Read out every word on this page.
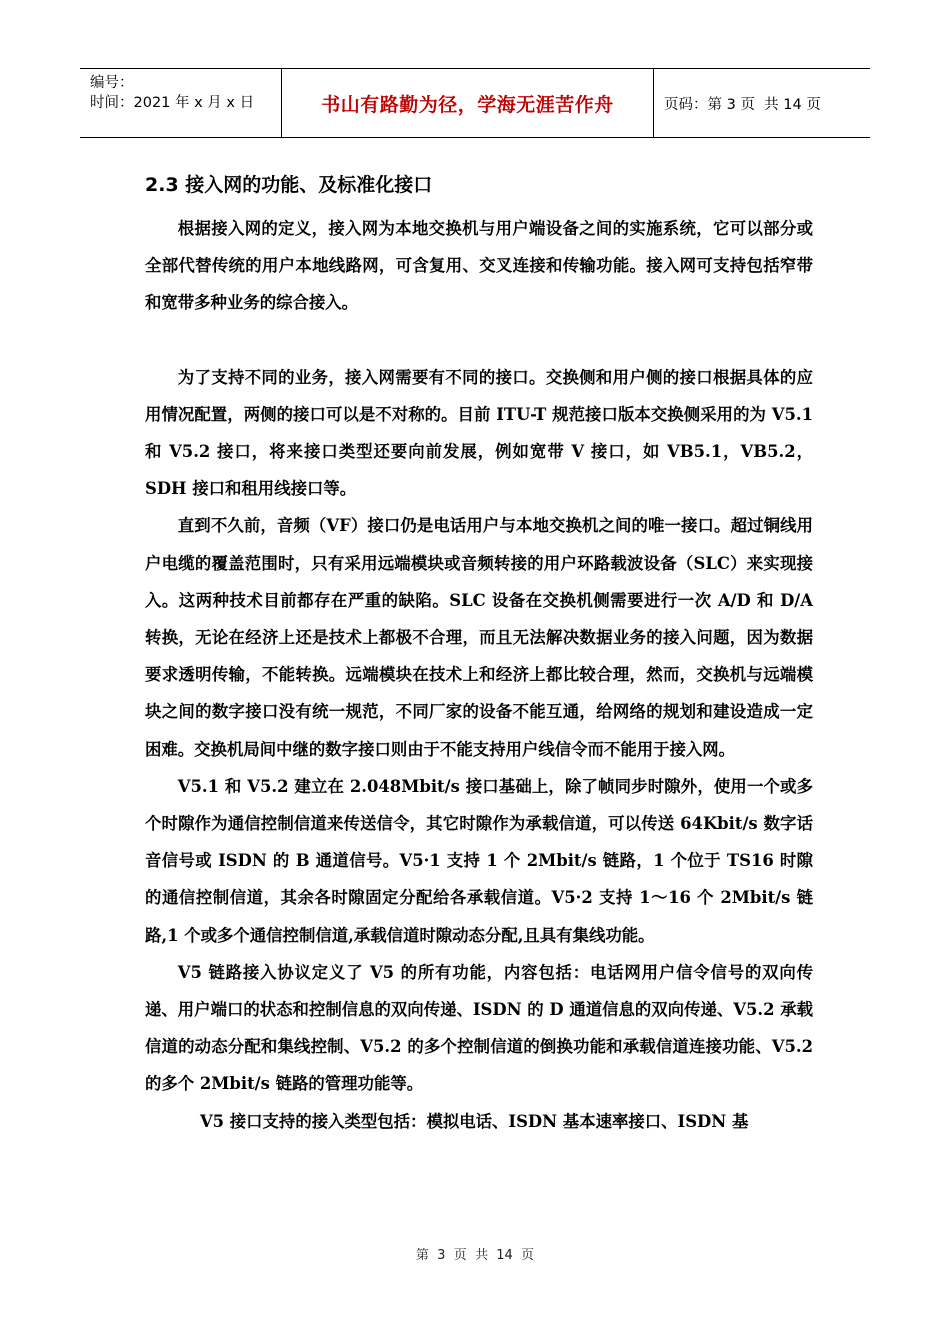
编号：
时间：2021 年 x 月 x 日	书山有路勤为径，学海无涯苦作舟	页码：第 3 页  共 14 页
2.3 接入网的功能、及标准化接口

根据接入网的定义，接入网为本地交换机与用户端设备之间的实施系统，它可以部分或全部代替传统的用户本地线路网，可含复用、交叉连接和传输功能。接入网可支持包括窄带和宽带多种业务的综合接入。

为了支持不同的业务，接入网需要有不同的接口。交换侧和用户侧的接口根据具体的应用情况配置，两侧的接口可以是不对称的。目前 ITU-T 规范接口版本交换侧采用的为 V5.1 和 V5.2 接口，将来接口类型还要向前发展，例如宽带 V 接口，如 VB5.1，VB5.2，SDH 接口和租用线接口等。

直到不久前，音频（VF）接口仍是电话用户与本地交换机之间的唯一接口。超过铜线用户电缆的覆盖范围时，只有采用远端模块或音频转接的用户环路载波设备（SLC）来实现接入。这两种技术目前都存在严重的缺陷。SLC 设备在交换机侧需要进行一次 A/D 和 D/A 转换，无论在经济上还是技术上都极不合理，而且无法解决数据业务的接入问题，因为数据要求透明传输，不能转换。远端模块在技术上和经济上都比较合理，然而，交换机与远端模块之间的数字接口没有统一规范，不同厂家的设备不能互通，给网络的规划和建设造成一定困难。交换机局间中继的数字接口则由于不能支持用户线信令而不能用于接入网。

V5.1 和 V5.2 建立在 2.048Mbit/s 接口基础上，除了帧同步时隙外，使用一个或多个时隙作为通信控制信道来传送信令，其它时隙作为承载信道，可以传送 64Kbit/s 数字话音信号或 ISDN 的 B 通道信号。V5·1 支持 1 个 2Mbit/s 链路，1 个位于 TS16 时隙的通信控制信道，其余各时隙固定分配给各承载信道。V5·2 支持 1～16 个 2Mbit/s 链路,1 个或多个通信控制信道,承载信道时隙动态分配,且具有集线功能。

V5 链路接入协议定义了 V5 的所有功能，内容包括：电话网用户信令信号的双向传递、用户端口的状态和控制信息的双向传递、ISDN 的 D 通道信息的双向传递、V5.2 承载信道的动态分配和集线控制、V5.2 的多个控制信道的倒换功能和承载信道连接功能、V5.2 的多个 2Mbit/s 链路的管理功能等。

V5 接口支持的接入类型包括：模拟电话、ISDN 基本速率接口、ISDN 基

第  3  页  共  14  页
